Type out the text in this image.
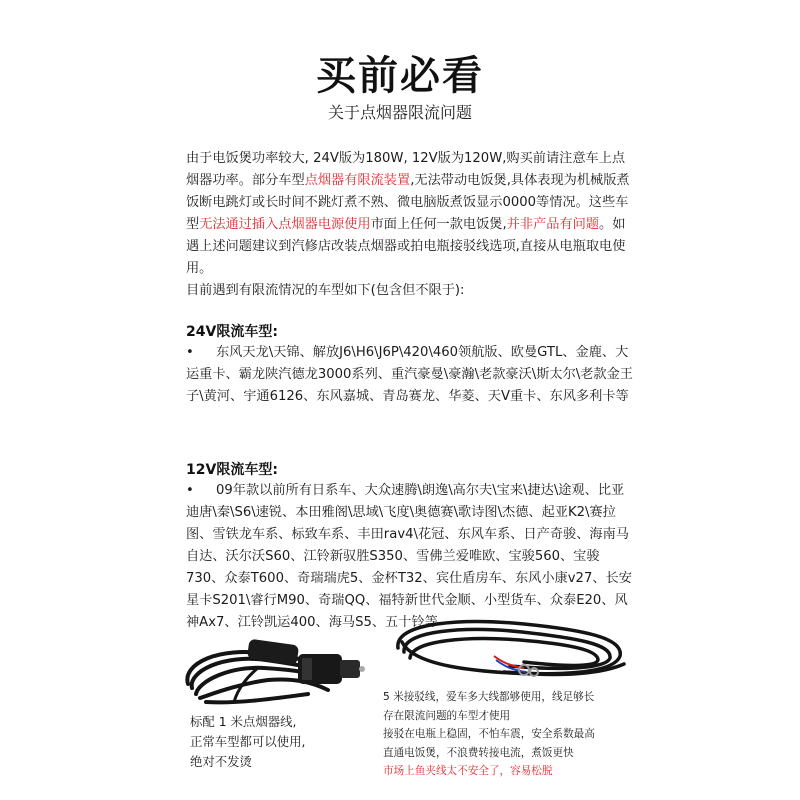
买前必看
关于点烟器限流问题
由于电饭煲功率较大, 24V版为180W, 12V版为120W,购买前请注意车上点烟器功率。部分车型点烟器有限流装置,无法带动电饭煲,具体表现为机械版煮饭断电跳灯或长时间不跳灯煮不熟、微电脑版煮饭显示0000等情况。这些车型无法通过插入点烟器电源使用市面上任何一款电饭煲,并非产品有问题。如遇上述问题建议到汽修店改装点烟器或拍电瓶接驳线选项,直接从电瓶取电使用。
目前遇到有限流情况的车型如下(包含但不限于):
24V限流车型:
• 东风天龙\天锦、解放J6\H6\J6P\420\460领航版、欧曼GTL、金鹿、大运重卡、霸龙陕汽德龙3000系列、重汽豪曼\豪瀚\老款豪沃\斯太尔\老款金王子\黄河、宇通6126、东风嘉城、青岛赛龙、华菱、天V重卡、东风多利卡等
12V限流车型:
• 09年款以前所有日系车、大众速腾\朗逸\高尔夫\宝来\捷达\途观、比亚迪唐\秦\S6\速锐、本田雅阁\思域\飞度\奥德赛\歌诗图\杰德、起亚K2\赛拉图、雪铁龙车系、标致车系、丰田rav4\花冠、东风车系、日产奇骏、海南马自达、沃尔沃S60、江铃新驭胜S350、雪佛兰爱唯欧、宝骏560、宝骏730、众泰T600、奇瑞瑞虎5、金杯T32、宾仕盾房车、东风小康v27、长安星卡S201\睿行M90、奇瑞QQ、福特新世代金顺、小型货车、众泰E20、风神Ax7、江铃凯运400、海马S5、五十铃等
标配 1 米点烟器线,
正常车型都可以使用,
绝对不发烫
5 米接驳线，爱车多大线都够使用，线足够长
存在限流问题的车型才使用
接驳在电瓶上稳固，不怕车震，安全系数最高
直通电饭煲，不浪费转接电流，煮饭更快
市场上鱼夹线太不安全了，容易松脱
